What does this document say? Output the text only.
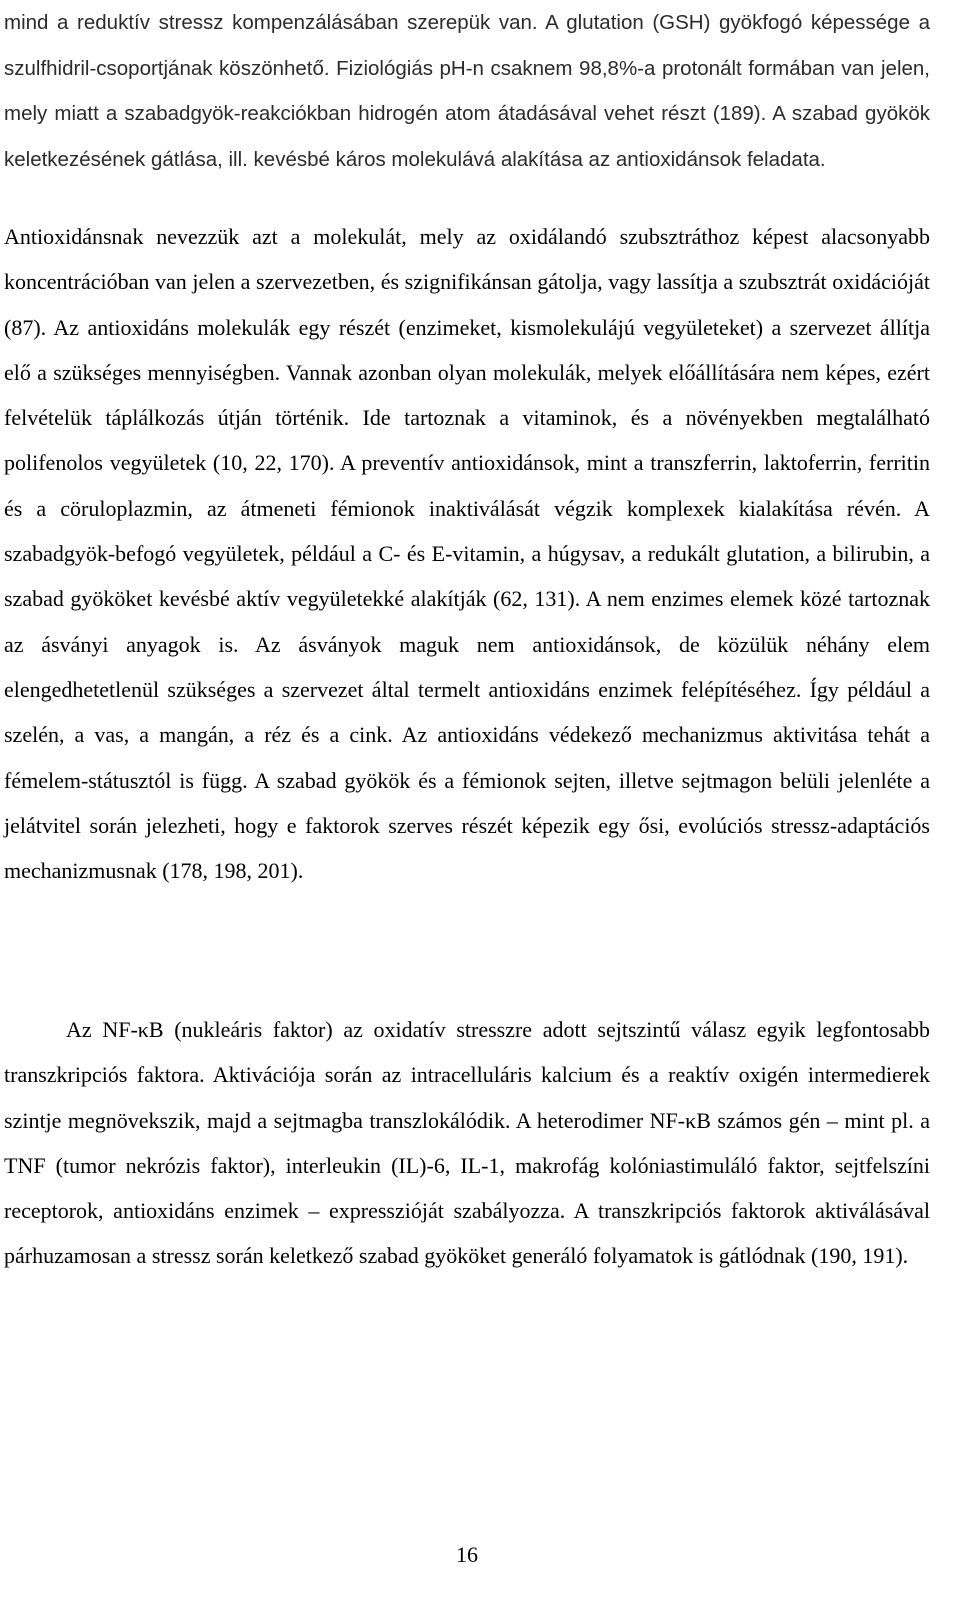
mind a reduktív stressz kompenzálásában szerepük van. A glutation (GSH) gyökfogó képessége a szulfhidril-csoportjának köszönhető. Fiziológiás pH-n csaknem 98,8%-a protonált formában van jelen, mely miatt a szabadgyök-reakciókban hidrogén atom átadásával vehet részt (189). A szabad gyökök keletkezésének gátlása, ill. kevésbé káros molekulává alakítása az antioxidánsok feladata.

Antioxidánsnak nevezzük azt a molekulát, mely az oxidálandó szubsztráthoz képest alacsonyabb koncentrációban van jelen a szervezetben, és szignifikánsan gátolja, vagy lassítja a szubsztrát oxidációját (87). Az antioxidáns molekulák egy részét (enzimeket, kismolekulájú vegyületeket) a szervezet állítja elő a szükséges mennyiségben. Vannak azonban olyan molekulák, melyek előállítására nem képes, ezért felvételük táplálkozás útján történik. Ide tartoznak a vitaminok, és a növényekben megtalálható polifenolos vegyületek (10, 22, 170). A preventív antioxidánsok, mint a transzferrin, laktoferrin, ferritin és a cöruloplazmin, az átmeneti fémionok inaktiválását végzik komplexek kialakítása révén. A szabadgyök-befogó vegyületek, például a C- és E-vitamin, a húgysav, a redukált glutation, a bilirubin, a szabad gyököket kevésbé aktív vegyületekké alakítják (62, 131). A nem enzimes elemek közé tartoznak az ásványi anyagok is. Az ásványok maguk nem antioxidánsok, de közülük néhány elem elengedhetetlenül szükséges a szervezet által termelt antioxidáns enzimek felépítéséhez. Így például a szelén, a vas, a mangán, a réz és a cink. Az antioxidáns védekező mechanizmus aktivitása tehát a fémelem-státusztól is függ. A szabad gyökök és a fémionok sejten, illetve sejtmagon belüli jelenléte a jelátvitel során jelezheti, hogy e faktorok szerves részét képezik egy ősi, evolúciós stressz-adaptációs mechanizmusnak (178, 198, 201).

Az NF-κB (nukleáris faktor) az oxidatív stresszre adott sejtszintű válasz egyik legfontosabb transzkripciós faktora. Aktivációja során az intracelluláris kalcium és a reaktív oxigén intermedierek szintje megnövekszik, majd a sejtmagba transzlokálódik. A heterodimer NF-κB számos gén – mint pl. a TNF (tumor nekrózis faktor), interleukin (IL)-6, IL-1, makrofág kolóniastimuláló faktor, sejtfelszíni receptorok, antioxidáns enzimek – expresszióját szabályozza. A transzkripciós faktorok aktiválásával párhuzamosan a stressz során keletkező szabad gyököket generáló folyamatok is gátlódnak (190, 191).

16
